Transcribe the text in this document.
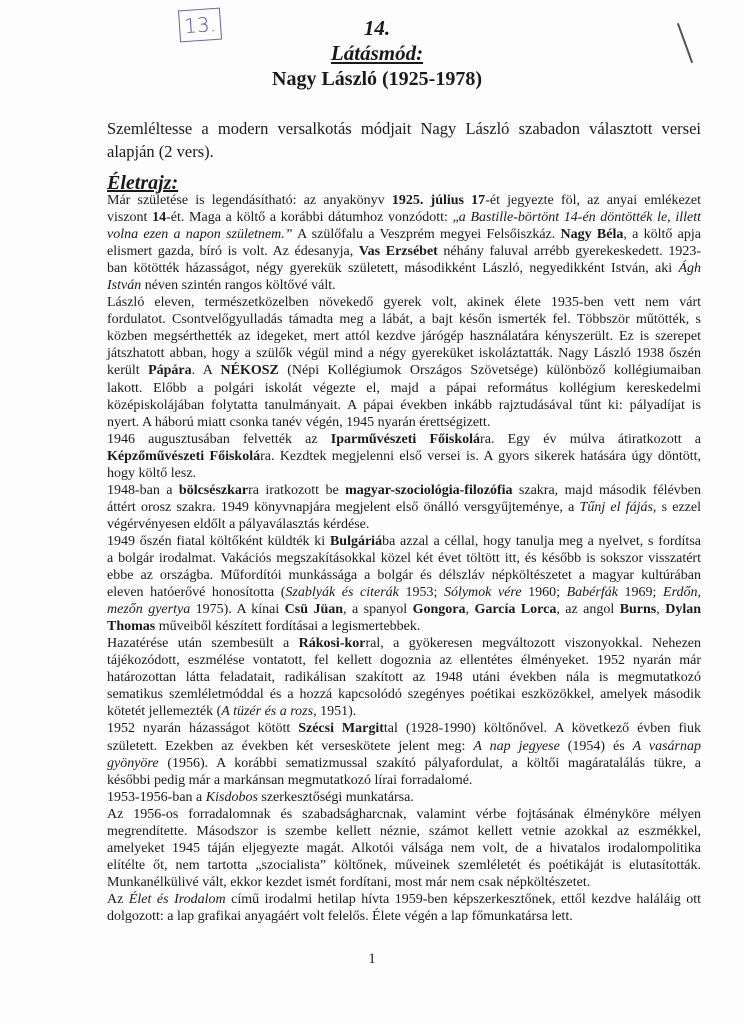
13.	14.
Látásmód:
Nagy László (1925-1978)
Szemléltesse a modern versalkotás módjait Nagy László szabadon választott versei
alapján (2 vers).
Életrajz:
Már születése is legendásítható: az anyakönyv 1925. július 17-ét jegyezte föl, az anyai emlékezet
viszont 14-ét. Maga a költő a korábbi dátumhoz vonzódott: „a Bastille-börtönt 14-én döntötték le, illett
volna ezen a napon születnem.” A szülőfalu a Veszprém megyei Felsőiszkáz. Nagy Béla, a költő apja
elismert gazda, bíró is volt. Az édesanyja, Vas Erzsébet néhány faluval arrébb gyerekeskedett. 1923-
ban kötötték házasságot, négy gyerekük született, másodikként László, negyedikként István, aki Ágh
István néven szintén rangos költővé vált.
László eleven, természetközelben növekedő gyerek volt, akinek élete 1935-ben vett nem várt
fordulatot. Csontvelőgyulladás támadta meg a lábát, a bajt későn ismerték fel. Többször műtötték, s
közben megsérthették az idegeket, mert attól kezdve járógép használatára kényszerült. Ez is szerepet
játszhatott abban, hogy a szülők végül mind a négy gyereküket iskoláztatták. Nagy László 1938 őszén
került Pápára. A NÉKOSZ (Népi Kollégiumok Országos Szövetsége) különböző kollégiumaiban
lakott. Előbb a polgári iskolát végezte el, majd a pápai református kollégium kereskedelmi
középiskolájában folytatta tanulmányait. A pápai években inkább rajztudásával tűnt ki: pályadíjat is
nyert. A háború miatt csonka tanév végén, 1945 nyarán érettségizett.
1946 augusztusában felvették az Iparművészeti Főiskolára. Egy év múlva átiratkozott a
Képzőművészeti Főiskolára. Kezdtek megjelenni első versei is. A gyors sikerek hatására úgy döntött,
hogy költő lesz.
1948-ban a bölcsészkarra iratkozott be magyar-szociológia-filozófia szakra, majd második félévben
áttért orosz szakra. 1949 könyvnapjára megjelent első önálló versgyűjteménye, a Tűnj el fájás, s ezzel
végérvényesen eldőlt a pályaválasztás kérdése.
1949 őszén fiatal költőként küldték ki Bulgáriába azzal a céllal, hogy tanulja meg a nyelvet, s fordítsa
a bolgár irodalmat. Vakációs megszakításokkal közel két évet töltött itt, és később is sokszor visszatért
ebbe az országba. Műfordítói munkássága a bolgár és délszláv népköltészetet a magyar kultúrában
eleven hatóerővé honosította (Szablyák és citerák 1953; Sólymok vére 1960; Babérfák 1969; Erdőn,
mezőn gyertya 1975). A kínai Csü Jüan, a spanyol Gongora, García Lorca, az angol Burns, Dylan
Thomas műveiből készített fordításai a legismertebbek.
Hazatérése után szembesült a Rákosi-korral, a gyökeresen megváltozott viszonyokkal. Nehezen
tájékozódott, eszmélése vontatott, fel kellett dogoznia az ellentétes élményeket. 1952 nyarán már
határozottan látta feladatait, radikálisan szakított az 1948 utáni években nála is megmutatkozó
sematikus szemléletmóddal és a hozzá kapcsolódó szegényes poétikai eszközökkel, amelyek második
kötetét jellemezték (A tüzér és a rozs, 1951).
1952 nyarán házasságot kötött Szécsi Margittal (1928-1990) költőnővel. A következő évben fiuk
született. Ezekben az években két verseskötete jelent meg: A nap jegyese (1954) és A vasárnap
gyönyöre (1956). A korábbi sematizmussal szakító pályafordulat, a költői magáratalálás tükre, a
későbbi pedig már a markánsan megmutatkozó lírai forradalomé.
1953-1956-ban a Kisdobos szerkesztőségi munkatársa.
Az 1956-os forradalomnak és szabadságharcnak, valamint vérbe fojtásának élményköre mélyen
megrendítette. Másodszor is szembe kellett néznie, számot kellett vetnie azokkal az eszmékkel,
amelyeket 1945 táján eljegyezte magát. Alkotói válsága nem volt, de a hivatalos irodalompolitika
elítélte őt, nem tartotta „szocialista” költőnek, műveinek szemléletét és poétikáját is elutasították.
Munkanélkülivé vált, ekkor kezdet ismét fordítani, most már nem csak népköltészetet.
Az Élet és Irodalom című irodalmi hetilap hívta 1959-ben képszerkesztőnek, ettől kezdve haláláig ott
dolgozott: a lap grafikai anyagáért volt felelős. Élete végén a lap főmunkatársa lett.
1
